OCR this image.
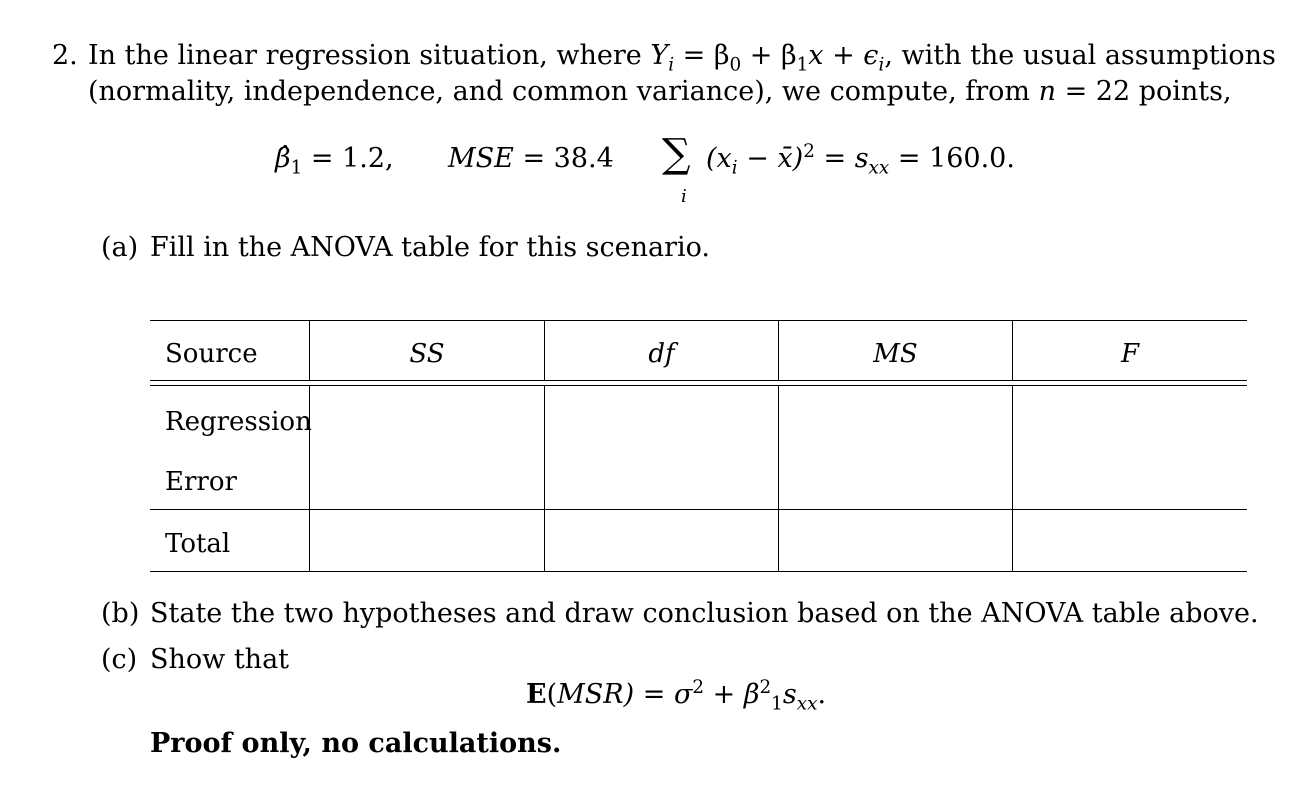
2. In the linear regression situation, where $Y_i = \beta_0 + \beta_1x + \epsilon_i$, with the usual assumptions
(normality, independence, and common variance), we compute, from n = 22 points,
$\betâ_1 = 1.2$, MSE = 38.4 ∑
i
($x_i$ − x̄)$^2$ = $s_{xx} = 160.0$.
(a) Fill in the ANOVA table for this scenario.
Source	SS	df	MS	F
Regression
Error
Total
(b) State the two hypotheses and draw conclusion based on the ANOVA table above.
(c) Show that
$E(MSR) = \sigma^2 + \beta^2_1s_{xx}$.
Proof only, no calculations.
